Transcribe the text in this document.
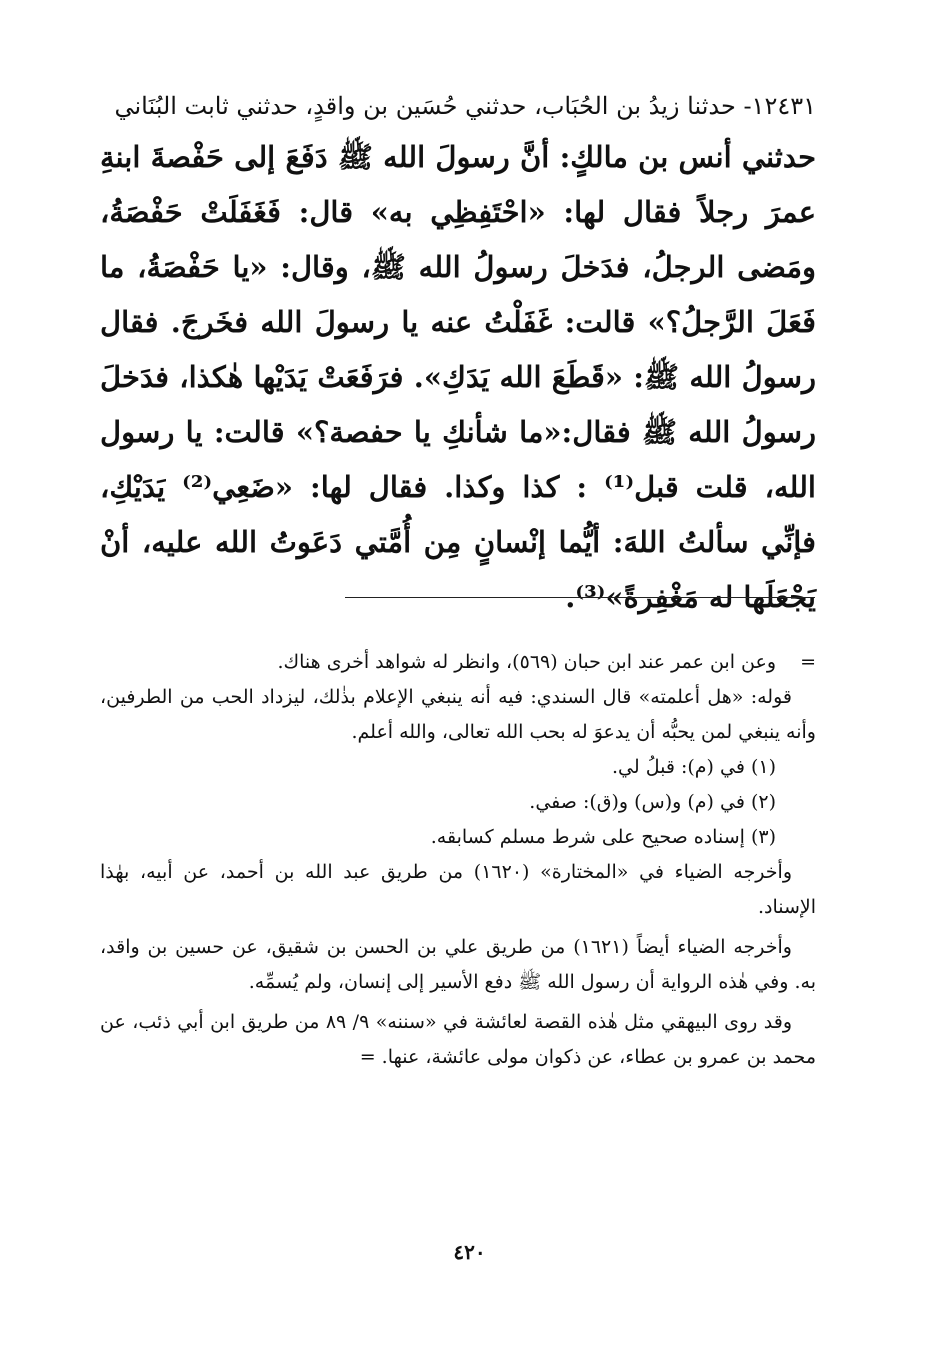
١٢٤٣١- حدثنا زيدُ بن الحُبَاب، حدثني حُسَين بن واقدٍ، حدثني ثابت البُنَاني

حدثني أنس بن مالكٍ: أنَّ رسولَ الله ﷺ دَفَعَ إلى حَفْصةَ ابنةِ عمرَ رجلاً فقال لها: «احْتَفِظِي به» قال: فَغَفَلَتْ حَفْصَةُ، ومَضى الرجلُ، فدَخلَ رسولُ الله ﷺ، وقال: «يا حَفْصَةُ، ما فَعَلَ الرَّجلُ؟» قالت: غَفَلْتُ عنه يا رسولَ الله فخَرجَ. فقال رسولُ الله ﷺ: «قَطَعَ الله يَدَكِ». فرَفَعَتْ يَدَيْها هٰكذا، فدَخلَ رسولُ الله ﷺ فقال:«ما شأنكِ يا حفصة؟» قالت: يا رسول الله، قلت قبل⁽¹⁾ : كذا وكذا. فقال لها: «ضَعِي⁽²⁾ يَدَيْكِ، فإنِّي سألتُ اللهَ: أيُّما إنْسانٍ مِن أُمَّتي دَعَوتُ الله عليه، أنْ يَجْعَلَها له مَغْفِرةً»⁽³⁾.

=
وعن ابن عمر عند ابن حبان (٥٦٩)، وانظر له شواهد أخرى هناك.

قوله: «هل أعلمته» قال السندي: فيه أنه ينبغي الإعلام بذٰلك، ليزداد الحب من الطرفين، وأنه ينبغي لمن يحبُّه أن يدعوَ له بحب الله تعالى، والله أعلم.

(١) في (م): قبلُ لي.

(٢) في (م) و(س) و(ق): صفي.

(٣) إسناده صحيح على شرط مسلم كسابقه.

وأخرجه الضياء في «المختارة» (١٦٢٠) من طريق عبد الله بن أحمد، عن أبيه، بهٰذا الإسناد.

وأخرجه الضياء أيضاً (١٦٢١) من طريق علي بن الحسن بن شقيق، عن حسين بن واقد، به. وفي هٰذه الرواية أن رسول الله ﷺ دفع الأسير إلى إنسان، ولم يُسمِّه.

وقد روى البيهقي مثل هٰذه القصة لعائشة في «سننه» ٩/ ٨٩ من طريق ابن أبي ذئب، عن محمد بن عمرو بن عطاء، عن ذكوان مولى عائشة، عنها. =

٤٢٠
